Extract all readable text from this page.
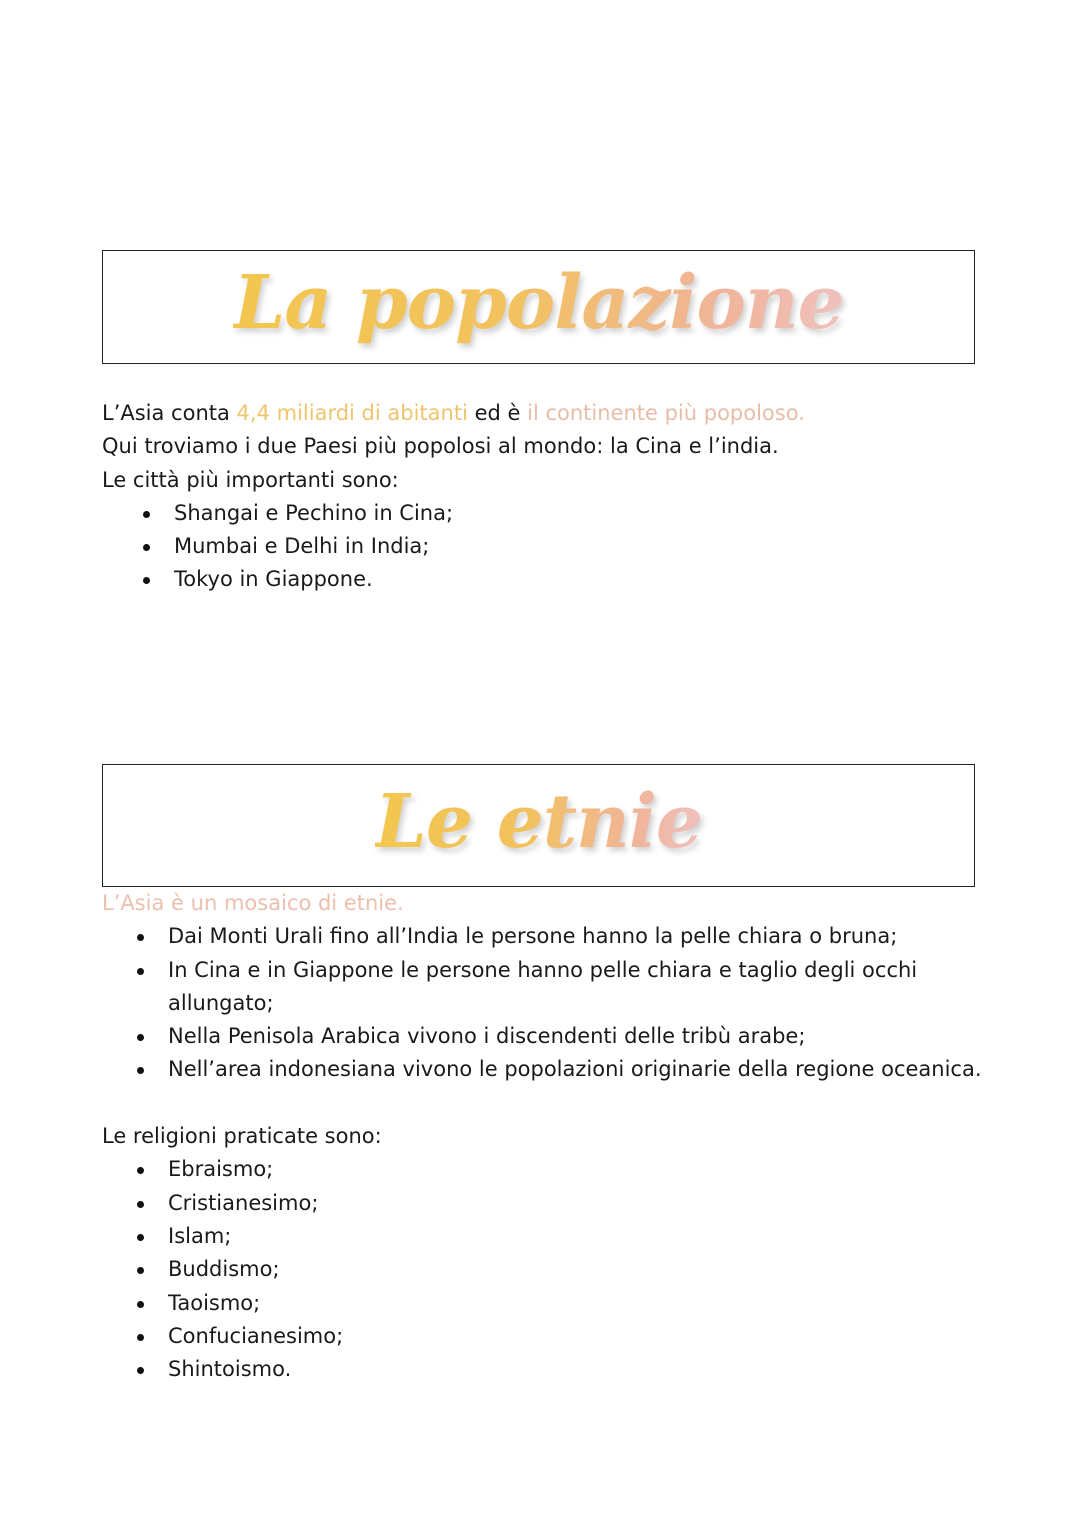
La popolazione

L’Asia conta 4,4 miliardi di abitanti ed è il continente più popoloso.

Qui troviamo i due Paesi più popolosi al mondo: la Cina e l’india.

Le città più importanti sono:

Shangai e Pechino in Cina;
Mumbai e Delhi in India;
Tokyo in Giappone.
Le etnie

L’Asia è un mosaico di etnie.

Dai Monti Urali fino all’India le persone hanno la pelle chiara o bruna;
In Cina e in Giappone le persone hanno pelle chiara e taglio degli occhi allungato;
Nella Penisola Arabica vivono i discendenti delle tribù arabe;
Nell’area indonesiana vivono le popolazioni originarie della regione oceanica.

Le religioni praticate sono:

Ebraismo;
Cristianesimo;
Islam;
Buddismo;
Taoismo;
Confucianesimo;
Shintoismo.
